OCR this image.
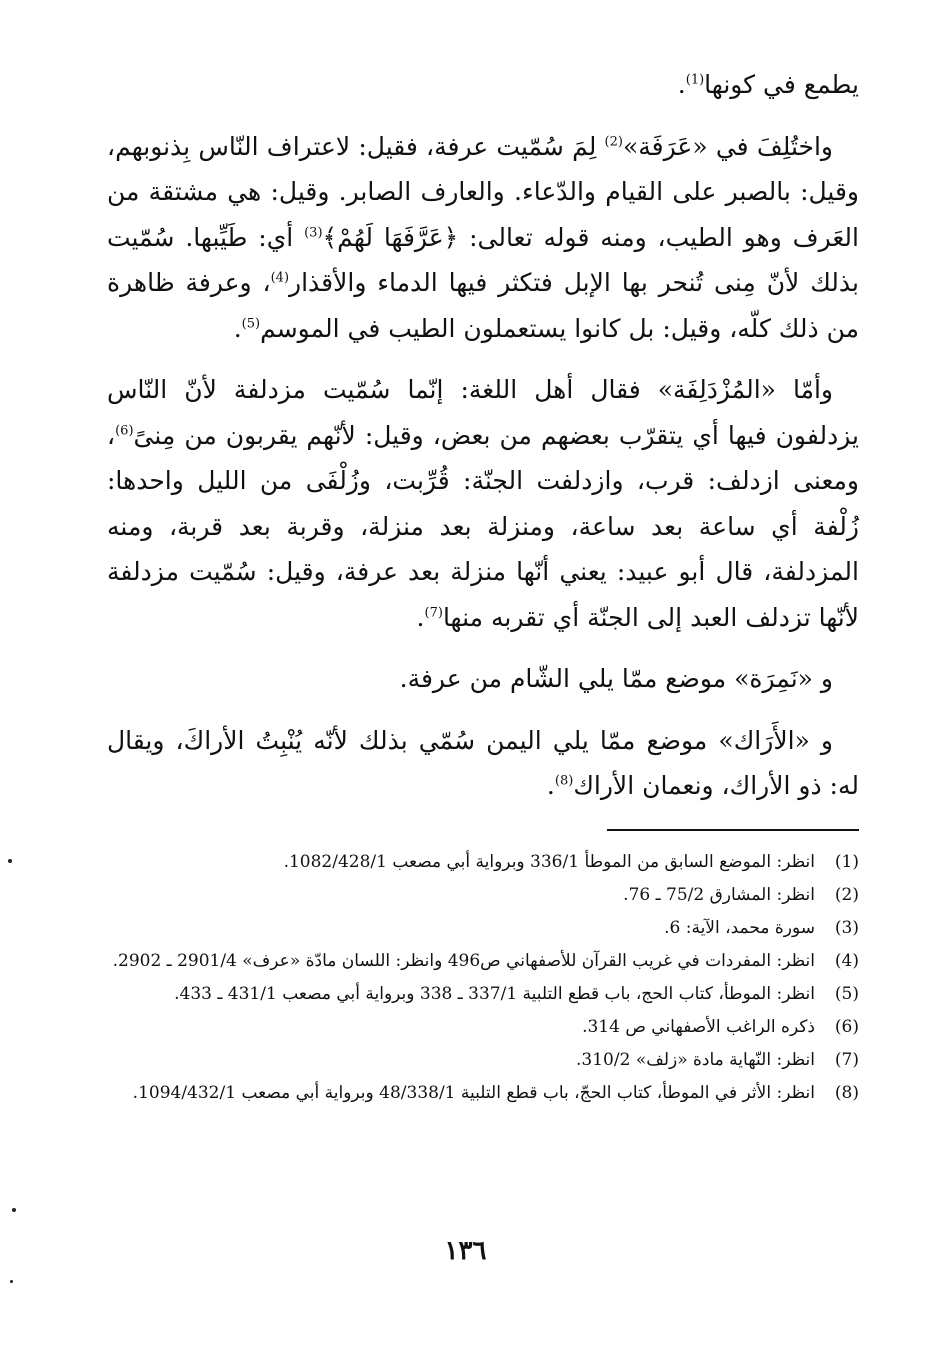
يطمع في كونها$^{(1)}$.

واختُلِفَ في «عَرَفَة»$^{(2)}$ لِمَ سُمّيت عرفة، فقيل: لاعتراف النّاس بِذنوبهم، وقيل: بالصبر على القيام والدّعاء. والعارف الصابر. وقيل: هي مشتقة من العَرف وهو الطيب، ومنه قوله تعالى: ﴿عَرَّفَهَا لَهُمْ﴾$^{(3)}$ أي: طَيِّبها. سُمّيت بذلك لأنّ مِنى تُنحر بها الإبل فتكثر فيها الدماء والأقذار$^{(4)}$، وعرفة ظاهرة من ذلك كلّه، وقيل: بل كانوا يستعملون الطيب في الموسم$^{(5)}$.

وأمّا «المُزْدَلِفَة» فقال أهل اللغة: إنّما سُمّيت مزدلفة لأنّ النّاس يزدلفون فيها أي يتقرّب بعضهم من بعض، وقيل: لأنّهم يقربون من مِنىً$^{(6)}$، ومعنى ازدلف: قرب، وازدلفت الجنّة: قُرِّبت، وزُلْفَى من الليل واحدها: زُلْفة أي ساعة بعد ساعة، ومنزلة بعد منزلة، وقربة بعد قربة، ومنه المزدلفة، قال أبو عبيد: يعني أنّها منزلة بعد عرفة، وقيل: سُمّيت مزدلفة لأنّها تزدلف العبد إلى الجنّة أي تقربه منها$^{(7)}$.

و «نَمِرَة» موضع ممّا يلي الشّام من عرفة.

و «الأَرَاك» موضع ممّا يلي اليمن سُمّي بذلك لأنّه يُنْبِتُ الأراكَ، ويقال له: ذو الأراك، ونعمان الأراك$^{(8)}$.

(1)
انظر: الموضع السابق من الموطأ 336/1 وبرواية أبي مصعب 1082/428/1.
(2)
انظر: المشارق 75/2 ـ 76.
(3)
سورة محمد، الآية: 6.
(4)
انظر: المفردات في غريب القرآن للأصفهاني ص496 وانظر: اللسان مادّة «عرف» 2901/4 ـ 2902.
(5)
انظر: الموطأ، كتاب الحج، باب قطع التلبية 337/1 ـ 338 وبرواية أبي مصعب 431/1 ـ 433.
(6)
ذكره الراغب الأصفهاني ص 314.
(7)
انظر: النّهاية مادة «زلف» 310/2.
(8)
انظر: الأثر في الموطأ، كتاب الحجّ، باب قطع التلبية 48/338/1 وبرواية أبي مصعب 1094/432/1.
١٣٦
